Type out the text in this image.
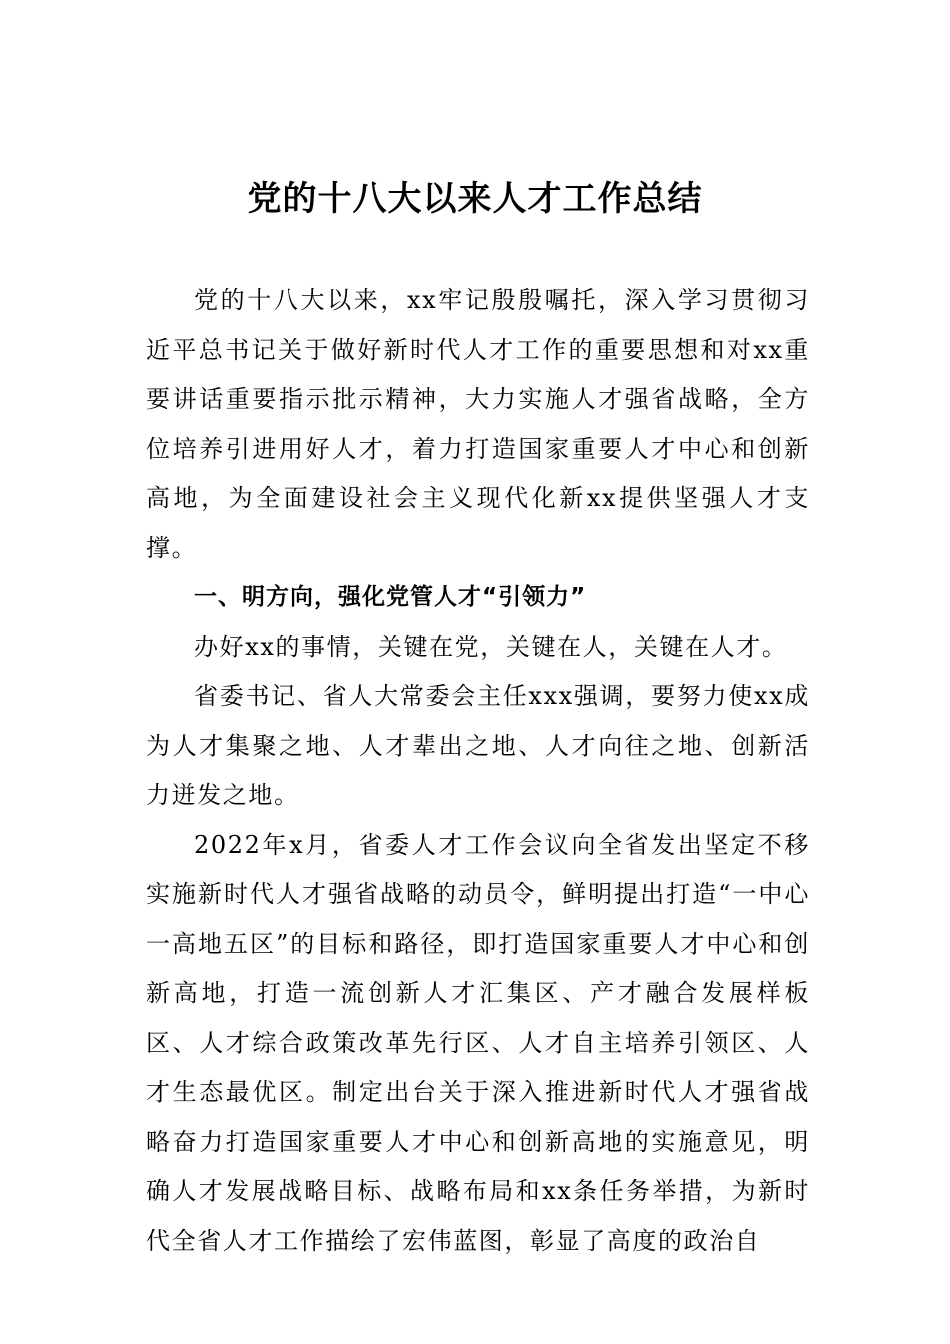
党的十八大以来人才工作总结

党的十八大以来，xx牢记殷殷嘱托，深入学习贯彻习近平总书记关于做好新时代人才工作的重要思想和对xx重要讲话重要指示批示精神，大力实施人才强省战略，全方位培养引进用好人才，着力打造国家重要人才中心和创新高地，为全面建设社会主义现代化新xx提供坚强人才支撑。

一、明方向，强化党管人才“引领力”

办好xx的事情，关键在党，关键在人，关键在人才。

省委书记、省人大常委会主任xxx强调，要努力使xx成为人才集聚之地、人才辈出之地、人才向往之地、创新活力迸发之地。

2022年x月，省委人才工作会议向全省发出坚定不移实施新时代人才强省战略的动员令，鲜明提出打造“一中心一高地五区”的目标和路径，即打造国家重要人才中心和创新高地，打造一流创新人才汇集区、产才融合发展样板区、人才综合政策改革先行区、人才自主培养引领区、人才生态最优区。制定出台关于深入推进新时代人才强省战略奋力打造国家重要人才中心和创新高地的实施意见，明确人才发展战略目标、战略布局和xx条任务举措，为新时代全省人才工作描绘了宏伟蓝图，彰显了高度的政治自
